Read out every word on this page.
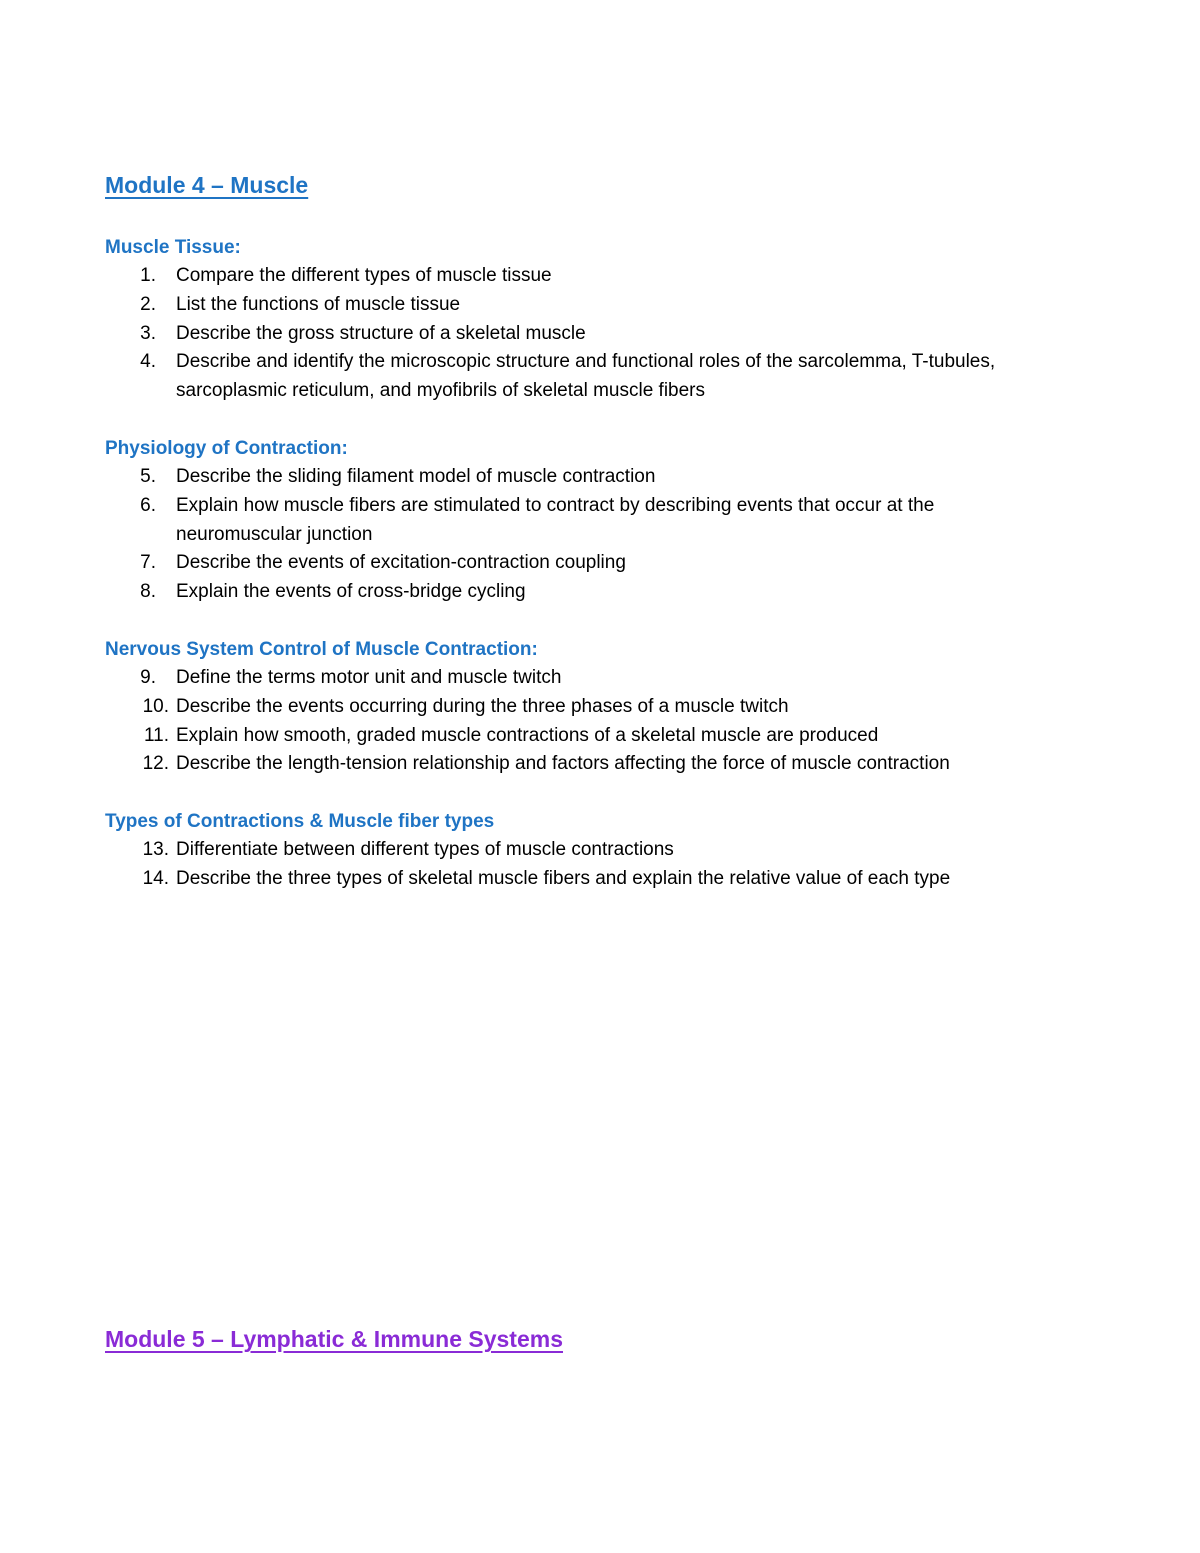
Module 4 – Muscle
Muscle Tissue:
1. Compare the different types of muscle tissue
2. List the functions of muscle tissue
3. Describe the gross structure of a skeletal muscle
4. Describe and identify the microscopic structure and functional roles of the sarcolemma, T-tubules, sarcoplasmic reticulum, and myofibrils of skeletal muscle fibers
Physiology of Contraction:
5. Describe the sliding filament model of muscle contraction
6. Explain how muscle fibers are stimulated to contract by describing events that occur at the neuromuscular junction
7. Describe the events of excitation-contraction coupling
8. Explain the events of cross-bridge cycling
Nervous System Control of Muscle Contraction:
9. Define the terms motor unit and muscle twitch
10. Describe the events occurring during the three phases of a muscle twitch
11. Explain how smooth, graded muscle contractions of a skeletal muscle are produced
12. Describe the length-tension relationship and factors affecting the force of muscle contraction
Types of Contractions & Muscle fiber types
13. Differentiate between different types of muscle contractions
14. Describe the three types of skeletal muscle fibers and explain the relative value of each type
Module 5 – Lymphatic & Immune Systems
